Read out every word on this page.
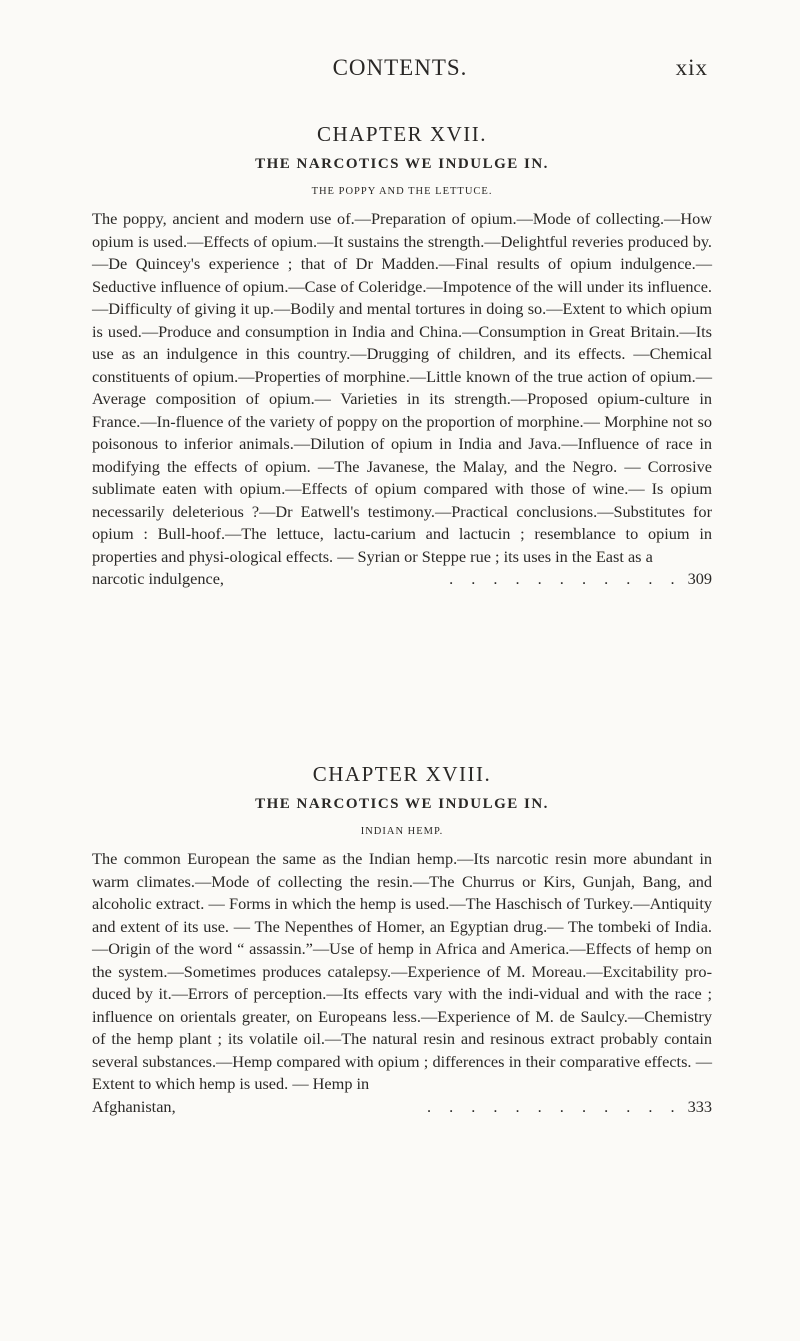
CONTENTS.	xix
CHAPTER XVII.
THE NARCOTICS WE INDULGE IN.
THE POPPY AND THE LETTUCE.

The poppy, ancient and modern use of.—Preparation of opium.—Mode of collecting.—How opium is used.—Effects of opium.—It sustains the strength.—Delightful reveries produced by.—De Quincey's experience ; that of Dr Madden.—Final results of opium indulgence.—Seductive influence of opium.—Case of Coleridge.—Impotence of the will under its influence.—Difficulty of giving it up.—Bodily and mental tortures in doing so.—Extent to which opium is used.—Produce and consumption in India and China.—Consumption in Great Britain.—Its use as an indulgence in this country.—Drugging of children, and its effects. —Chemical constituents of opium.—Properties of morphine.—Little known of the true action of opium.—Average composition of opium.— Varieties in its strength.—Proposed opium-culture in France.—In-fluence of the variety of poppy on the proportion of morphine.— Morphine not so poisonous to inferior animals.—Dilution of opium in India and Java.—Influence of race in modifying the effects of opium. —The Javanese, the Malay, and the Negro. — Corrosive sublimate eaten with opium.—Effects of opium compared with those of wine.— Is opium necessarily deleterious ?—Dr Eatwell's testimony.—Practical conclusions.—Substitutes for opium : Bull-hoof.—The lettuce, lactu-carium and lactucin ; resemblance to opium in properties and physi-ological effects. — Syrian or Steppe rue ; its uses in the East as a

narcotic indulgence,	. . . . . . . . . . . 309
CHAPTER XVIII.
THE NARCOTICS WE INDULGE IN.
INDIAN HEMP.

The common European the same as the Indian hemp.—Its narcotic resin more abundant in warm climates.—Mode of collecting the resin.—The Churrus or Kirs, Gunjah, Bang, and alcoholic extract. — Forms in which the hemp is used.—The Haschisch of Turkey.—Antiquity and extent of its use. — The Nepenthes of Homer, an Egyptian drug.— The tombeki of India.—Origin of the word “ assassin.”—Use of hemp in Africa and America.—Effects of hemp on the system.—Sometimes produces catalepsy.—Experience of M. Moreau.—Excitability pro-duced by it.—Errors of perception.—Its effects vary with the indi-vidual and with the race ; influence on orientals greater, on Europeans less.—Experience of M. de Saulcy.—Chemistry of the hemp plant ; its volatile oil.—The natural resin and resinous extract probably contain several substances.—Hemp compared with opium ; differences in their comparative effects. — Extent to which hemp is used. — Hemp in

Afghanistan,	. . . . . . . . . . . . 333
